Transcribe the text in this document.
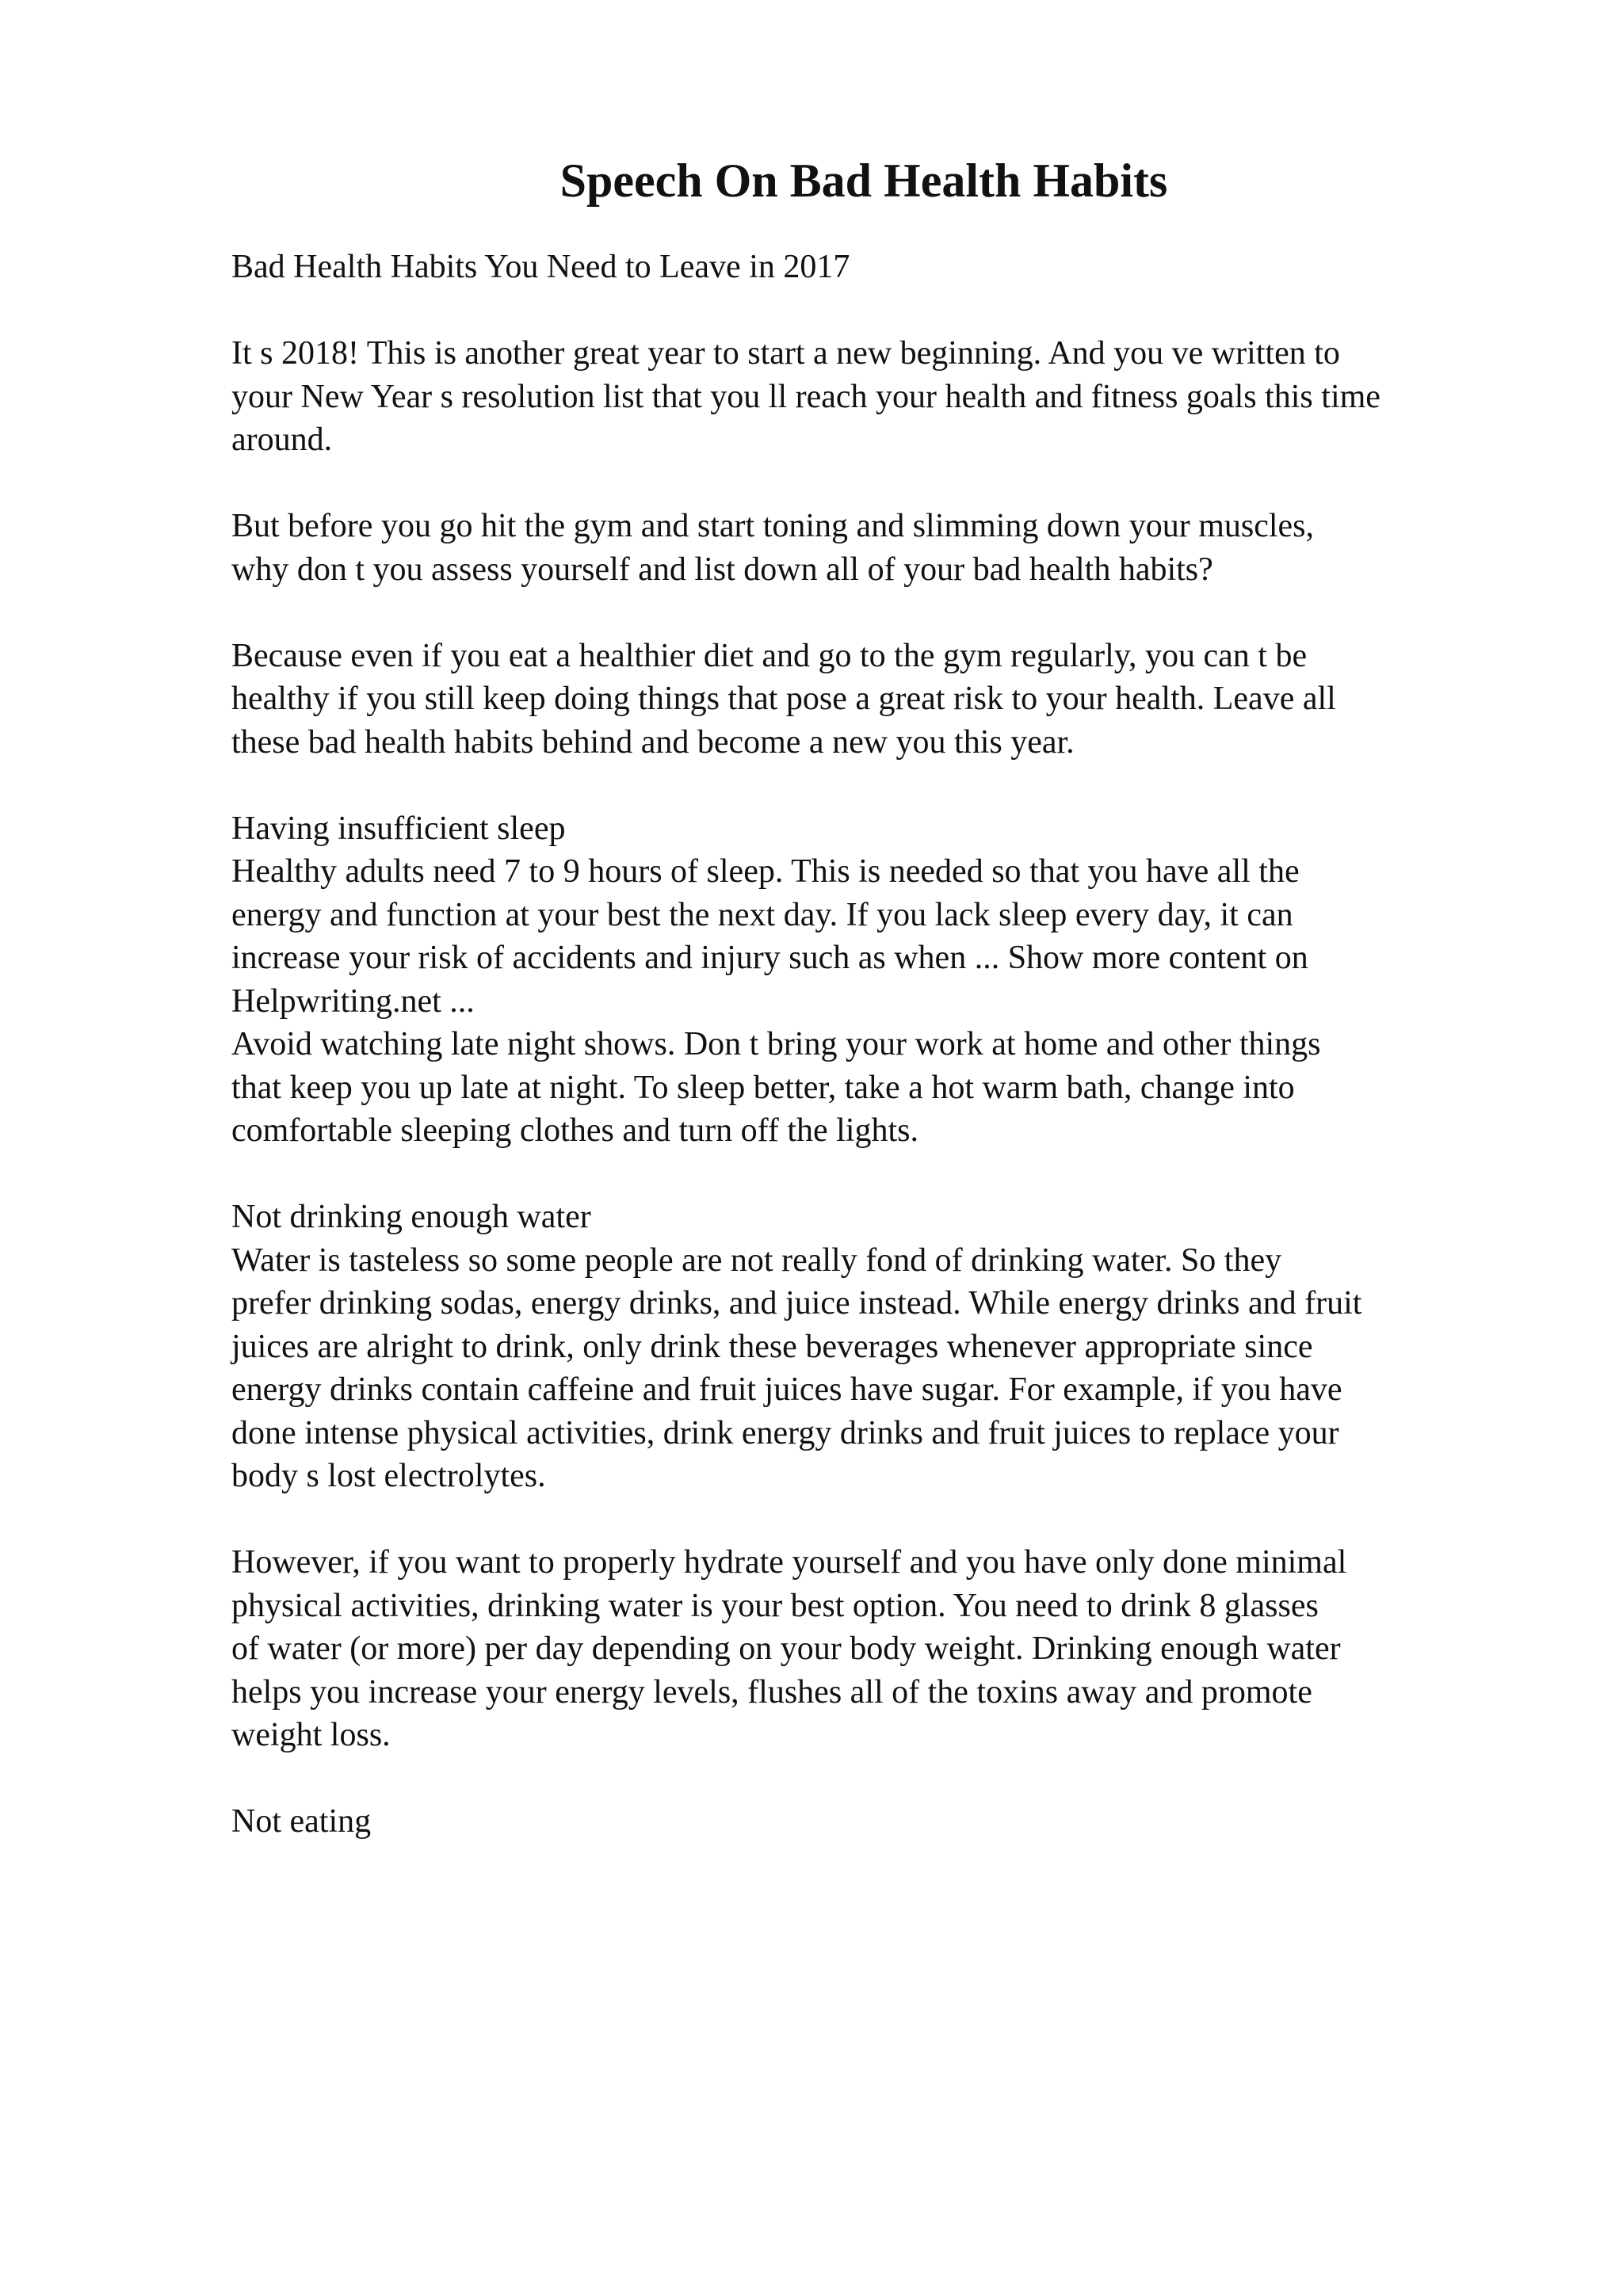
Speech On Bad Health Habits

Bad Health Habits You Need to Leave in 2017

It s 2018! This is another great year to start a new beginning. And you ve written to
your New Year s resolution list that you ll reach your health and fitness goals this time
around.

But before you go hit the gym and start toning and slimming down your muscles,
why don t you assess yourself and list down all of your bad health habits?

Because even if you eat a healthier diet and go to the gym regularly, you can t be
healthy if you still keep doing things that pose a great risk to your health. Leave all
these bad health habits behind and become a new you this year.

Having insufficient sleep
Healthy adults need 7 to 9 hours of sleep. This is needed so that you have all the
energy and function at your best the next day. If you lack sleep every day, it can
increase your risk of accidents and injury such as when ... Show more content on
Helpwriting.net ...
Avoid watching late night shows. Don t bring your work at home and other things
that keep you up late at night. To sleep better, take a hot warm bath, change into
comfortable sleeping clothes and turn off the lights.

Not drinking enough water
Water is tasteless so some people are not really fond of drinking water. So they
prefer drinking sodas, energy drinks, and juice instead. While energy drinks and fruit
juices are alright to drink, only drink these beverages whenever appropriate since
energy drinks contain caffeine and fruit juices have sugar. For example, if you have
done intense physical activities, drink energy drinks and fruit juices to replace your
body s lost electrolytes.

However, if you want to properly hydrate yourself and you have only done minimal
physical activities, drinking water is your best option. You need to drink 8 glasses
of water (or more) per day depending on your body weight. Drinking enough water
helps you increase your energy levels, flushes all of the toxins away and promote
weight loss.

Not eating
